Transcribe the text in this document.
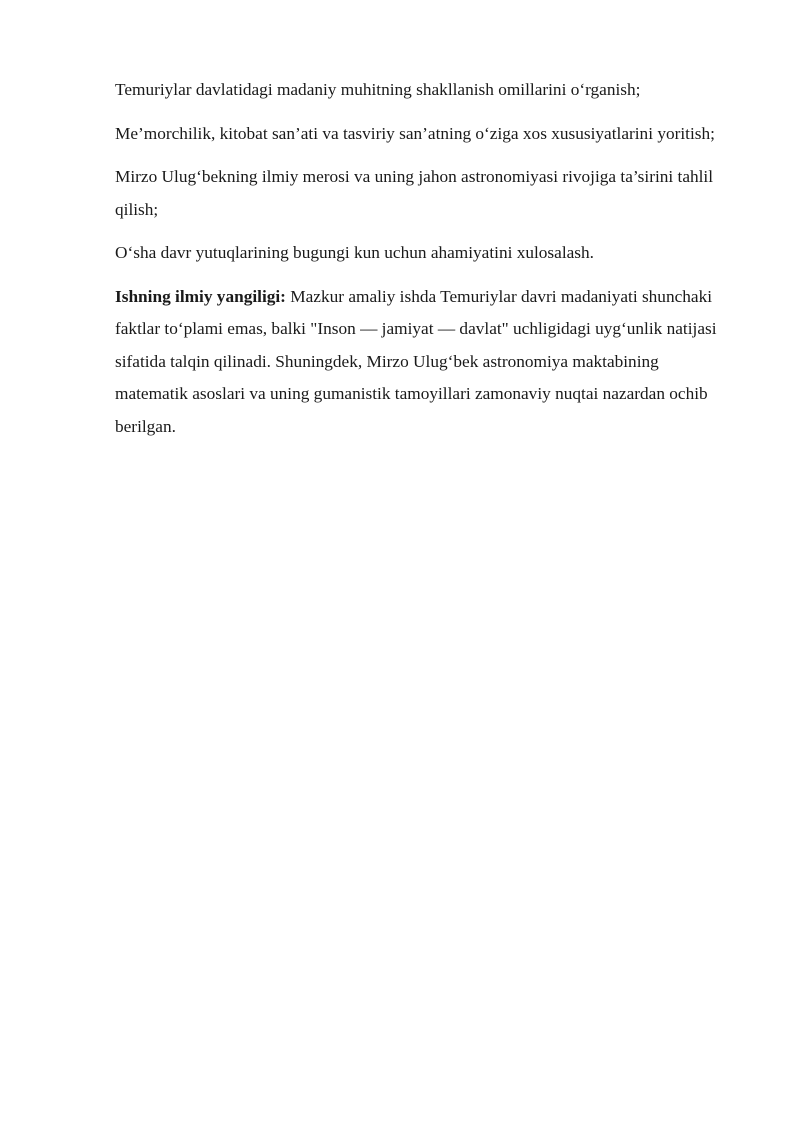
Temuriylar davlatidagi madaniy muhitning shakllanish omillarini o‘rganish;

Me’morchilik, kitobat san’ati va tasviriy san’atning o‘ziga xos xususiyatlarini yoritish;

Mirzo Ulug‘bekning ilmiy merosi va uning jahon astronomiyasi rivojiga ta’sirini tahlil qilish;

O‘sha davr yutuqlarining bugungi kun uchun ahamiyatini xulosalash.

Ishning ilmiy yangiligi: Mazkur amaliy ishda Temuriylar davri madaniyati shunchaki faktlar to‘plami emas, balki "Inson — jamiyat — davlat" uchligidagi uyg‘unlik natijasi sifatida talqin qilinadi. Shuningdek, Mirzo Ulug‘bek astronomiya maktabining matematik asoslari va uning gumanistik tamoyillari zamonaviy nuqtai nazardan ochib berilgan.
